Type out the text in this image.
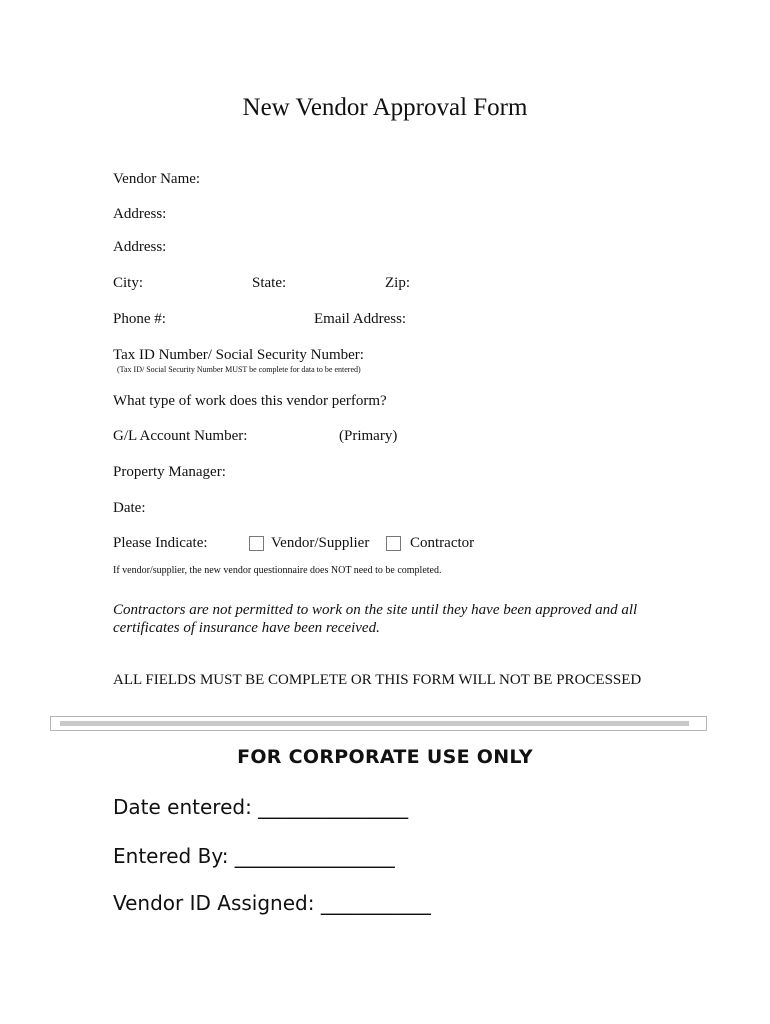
New Vendor Approval Form
Vendor Name:
Address:
Address:
City:	State:	Zip:
Phone #:	Email Address:
Tax ID Number/ Social Security Number:
(Tax ID/ Social Security Number MUST be complete for data to be entered)
What type of work does this vendor perform?
G/L Account Number:	(Primary)
Property Manager:
Date:
Please Indicate:	Vendor/Supplier	Contractor
If vendor/supplier, the new vendor questionnaire does NOT need to be completed.
Contractors are not permitted to work on the site until they have been approved and all certificates of insurance have been received.
ALL FIELDS MUST BE COMPLETE OR THIS FORM WILL NOT BE PROCESSED
FOR CORPORATE USE ONLY
Date entered: _______________
Entered By: ________________
Vendor ID Assigned: ___________
